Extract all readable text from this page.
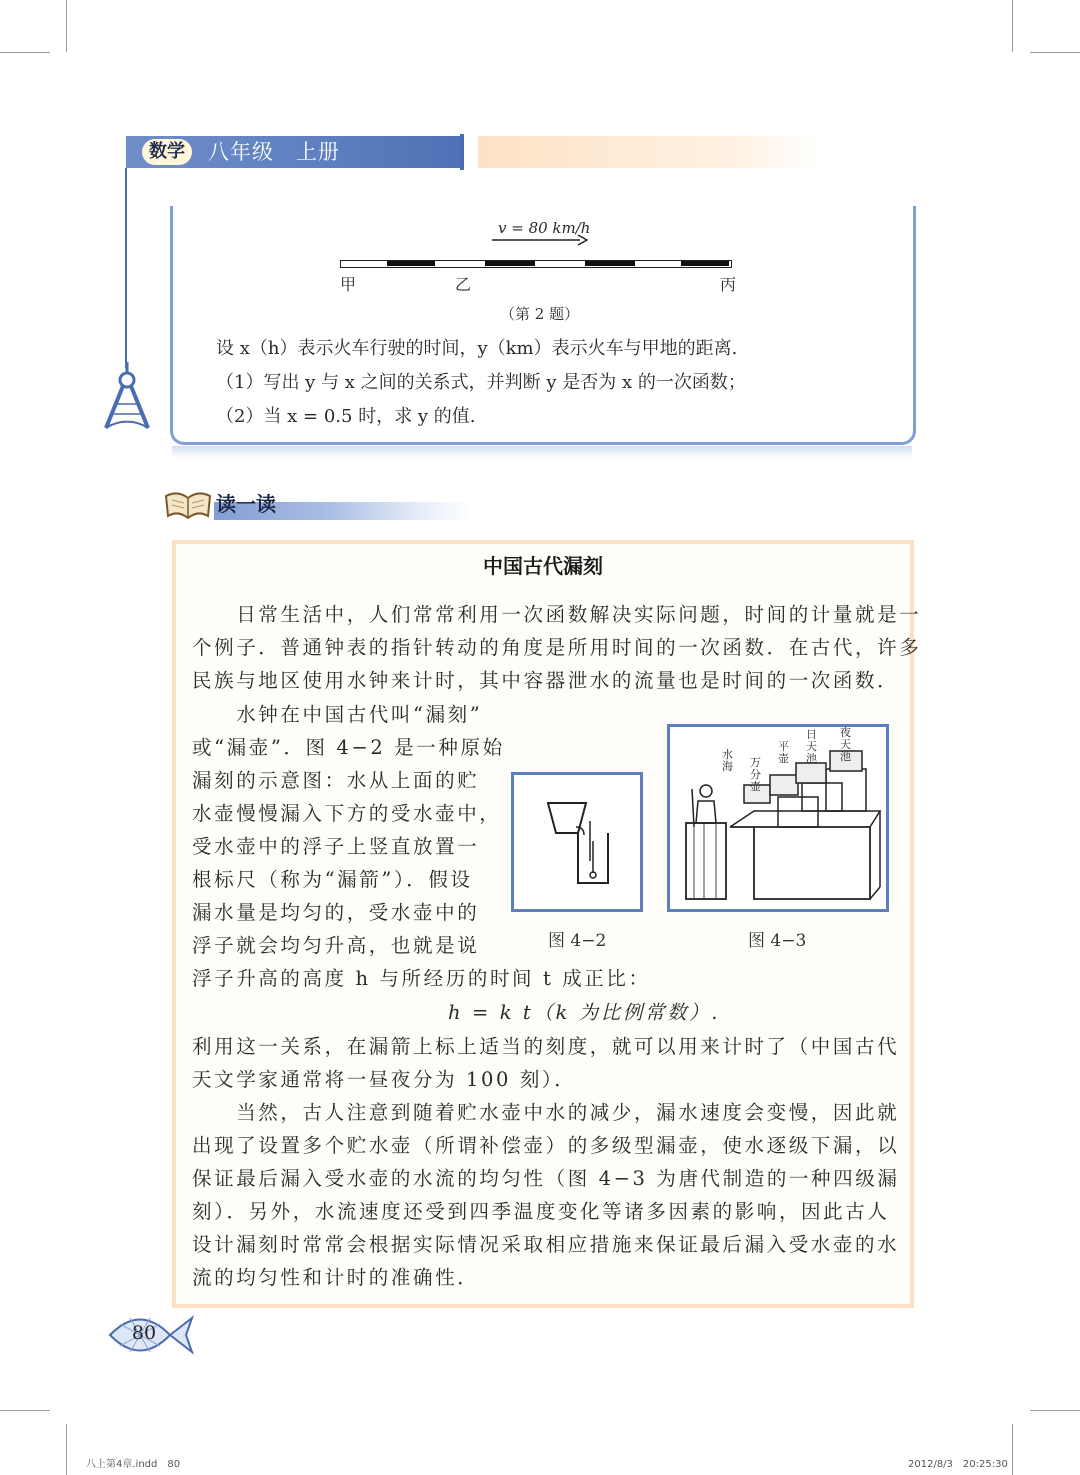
数学	八年级　上册
v = 80 km/h
甲	乙	丙
（第 2 题）
设 x（h）表示火车行驶的时间，y（km）表示火车与甲地的距离.
（1）写出 y 与 x 之间的关系式，并判断 y 是否为 x 的一次函数；
（2）当 x = 0.5 时，求 y 的值.
读一读
中国古代漏刻
　　日常生活中，人们常常利用一次函数解决实际问题，时间的计量就是一
个例子．普通钟表的指针转动的角度是所用时间的一次函数．在古代，许多
民族与地区使用水钟来计时，其中容器泄水的流量也是时间的一次函数．
　　水钟在中国古代叫“漏刻”
或“漏壶”．图 4−2 是一种原始
漏刻的示意图：水从上面的贮
水壶慢慢漏入下方的受水壶中，
受水壶中的浮子上竖直放置一
根标尺（称为“漏箭”）．假设
漏水量是均匀的，受水壶中的
浮子就会均匀升高，也就是说
浮子升高的高度 h 与所经历的时间 t 成正比：
h = k t（k 为比例常数）.
利用这一关系，在漏箭上标上适当的刻度，就可以用来计时了（中国古代
天文学家通常将一昼夜分为 100 刻）．
　　当然，古人注意到随着贮水壶中水的减少，漏水速度会变慢，因此就
出现了设置多个贮水壶（所谓补偿壶）的多级型漏壶，使水逐级下漏，以
保证最后漏入受水壶的水流的均匀性（图 4−3 为唐代制造的一种四级漏
刻）．另外，水流速度还受到四季温度变化等诸多因素的影响，因此古人
设计漏刻时常常会根据实际情况采取相应措施来保证最后漏入受水壶的水
流的均匀性和计时的准确性．
图 4−2
水海 万分壶
平壶
日天池
夜天池
图 4−3
80
八上第4章.indd　80	2012/8/3　20:25:30
